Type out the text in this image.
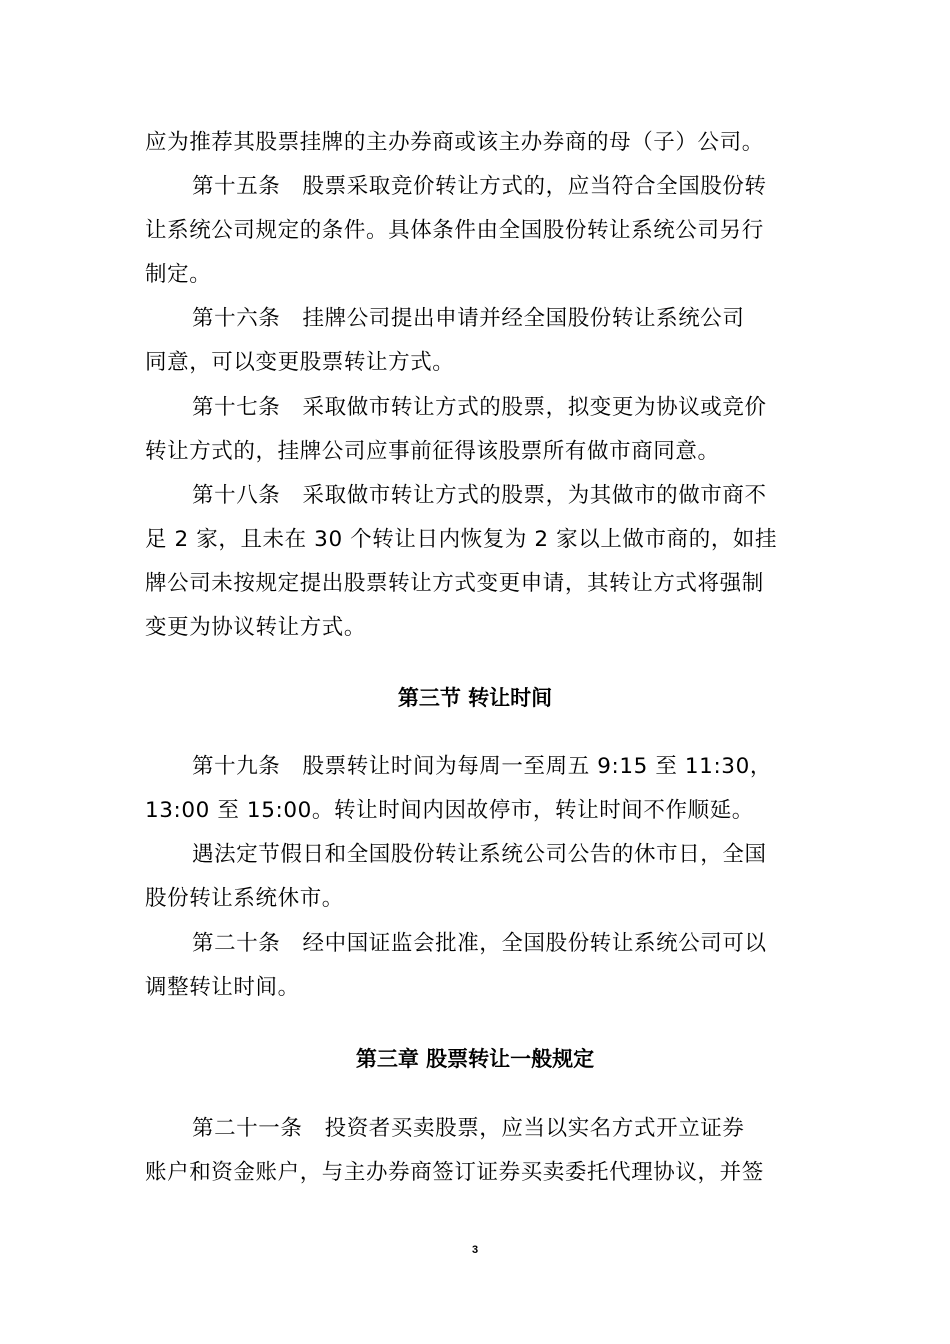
应为推荐其股票挂牌的主办券商或该主办券商的母（子）公司。
第十五条　股票采取竞价转让方式的，应当符合全国股份转
让系统公司规定的条件。具体条件由全国股份转让系统公司另行
制定。
第十六条　挂牌公司提出申请并经全国股份转让系统公司
同意，可以变更股票转让方式。
第十七条　采取做市转让方式的股票，拟变更为协议或竞价
转让方式的，挂牌公司应事前征得该股票所有做市商同意。
第十八条　采取做市转让方式的股票，为其做市的做市商不
足 2 家，且未在 30 个转让日内恢复为 2 家以上做市商的，如挂
牌公司未按规定提出股票转让方式变更申请，其转让方式将强制
变更为协议转让方式。
第三节 转让时间
第十九条　股票转让时间为每周一至周五 9:15 至 11:30，
13:00 至 15:00。转让时间内因故停市，转让时间不作顺延。
遇法定节假日和全国股份转让系统公司公告的休市日，全国
股份转让系统休市。
第二十条　经中国证监会批准，全国股份转让系统公司可以
调整转让时间。
第三章 股票转让一般规定
第二十一条　投资者买卖股票，应当以实名方式开立证券
账户和资金账户，与主办券商签订证券买卖委托代理协议，并签
3
